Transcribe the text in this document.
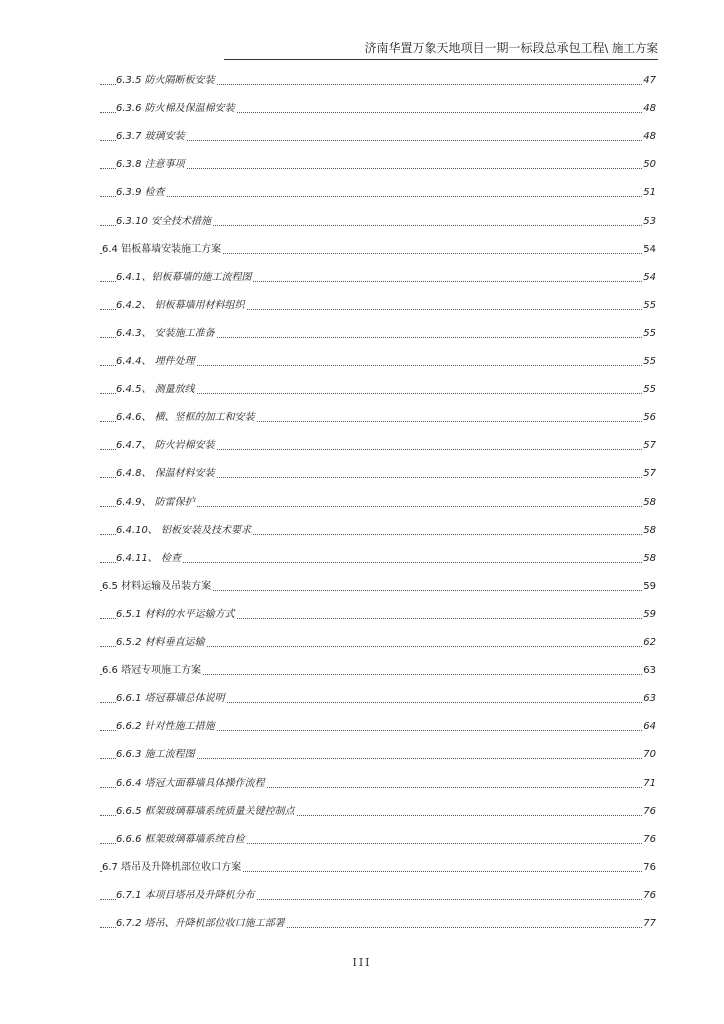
济南华置万象天地项目一期一标段总承包工程\ 施工方案
6.3.5 防火隔断板安装	47
6.3.6 防火棉及保温棉安装	48
6.3.7 玻璃安装	48
6.3.8 注意事项	50
6.3.9 检查	51
6.3.10 安全技术措施	53
6.4 铝板幕墙安装施工方案	54
6.4.1、铝板幕墙的施工流程图	54
6.4.2、 铝板幕墙用材料组织	55
6.4.3、 安装施工准备	55
6.4.4、 埋件处理	55
6.4.5、 测量放线	55
6.4.6、 横、竖框的加工和安装	56
6.4.7、 防火岩棉安装	57
6.4.8、 保温材料安装	57
6.4.9、 防雷保护	58
6.4.10、 铝板安装及技术要求	58
6.4.11、 检查	58
6.5 材料运输及吊装方案	59
6.5.1 材料的水平运输方式	59
6.5.2 材料垂直运输	62
6.6 塔冠专项施工方案	63
6.6.1 塔冠幕墙总体说明	63
6.6.2 针对性施工措施	64
6.6.3 施工流程图	70
6.6.4 塔冠大面幕墙具体操作流程	71
6.6.5 框架玻璃幕墙系统质量关键控制点	76
6.6.6 框架玻璃幕墙系统自检	76
6.7 塔吊及升降机部位收口方案	76
6.7.1 本项目塔吊及升降机分布	76
6.7.2 塔吊、升降机部位收口施工部署	77
III
